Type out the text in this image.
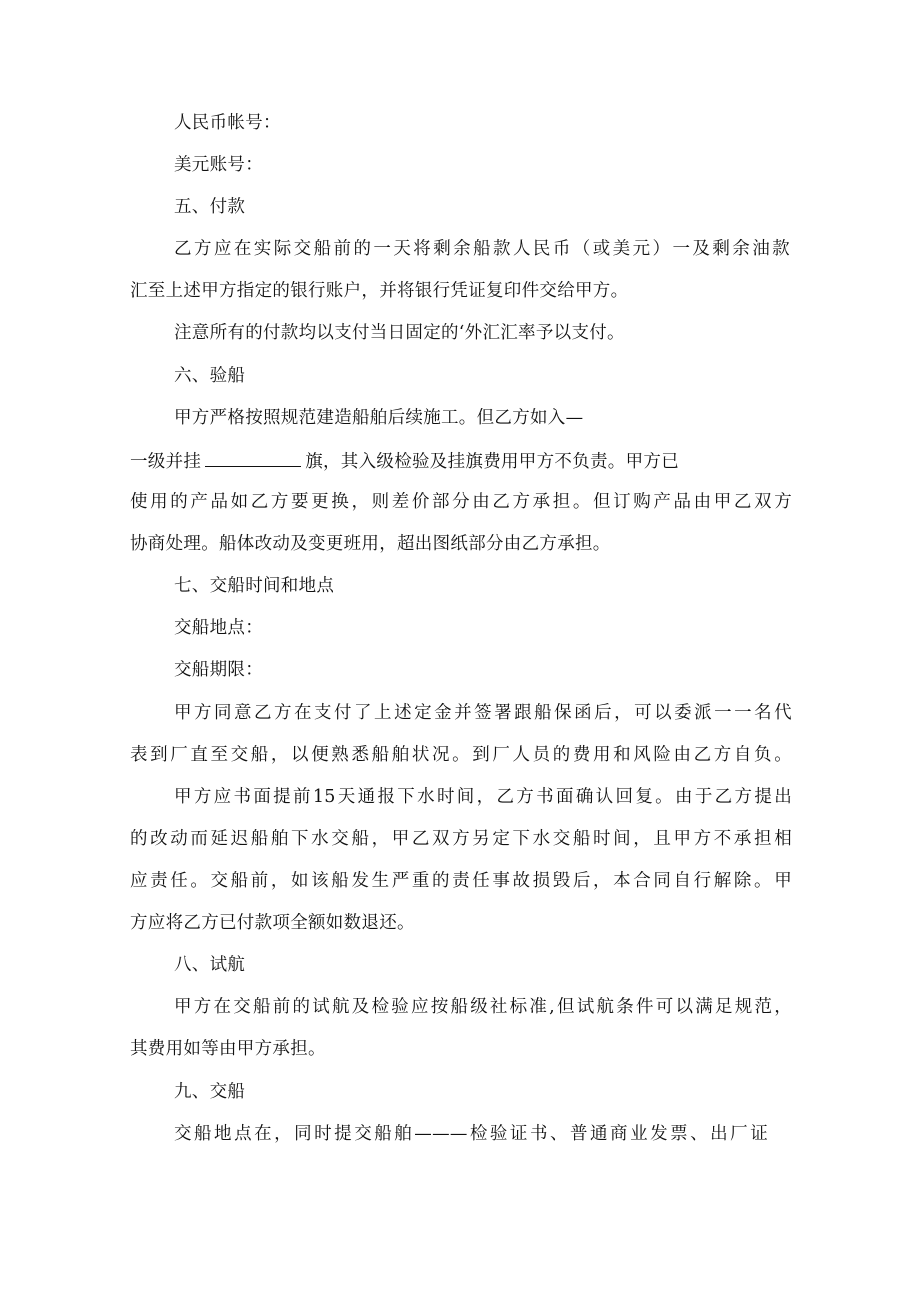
人民币帐号：
美元账号：
五、付款
乙方应在实际交船前的一天将剩余船款人民币（或美元）一及剩余油款
汇至上述甲方指定的银行账户，并将银行凭证复印件交给甲方。
注意所有的付款均以支付当日固定的‘外汇汇率予以支付。
六、验船
甲方严格按照规范建造船舶后续施工。但乙方如入—
一级并挂	旗，其入级检验及挂旗费用甲方不负责。甲方已
使用的产品如乙方要更换，则差价部分由乙方承担。但订购产品由甲乙双方
协商处理。船体改动及变更班用，超出图纸部分由乙方承担。
七、交船时间和地点
交船地点：
交船期限：
甲方同意乙方在支付了上述定金并签署跟船保函后，可以委派一一名代
表到厂直至交船，以便熟悉船舶状况。到厂人员的费用和风险由乙方自负。
甲方应书面提前15天通报下水时间，乙方书面确认回复。由于乙方提出
的改动而延迟船舶下水交船，甲乙双方另定下水交船时间，且甲方不承担相
应责任。交船前，如该船发生严重的责任事故损毁后，本合同自行解除。甲
方应将乙方已付款项全额如数退还。
八、试航
甲方在交船前的试航及检验应按船级社标准,但试航条件可以满足规范，
其费用如等由甲方承担。
九、交船
交船地点在，同时提交船舶———检验证书、普通商业发票、出厂证
